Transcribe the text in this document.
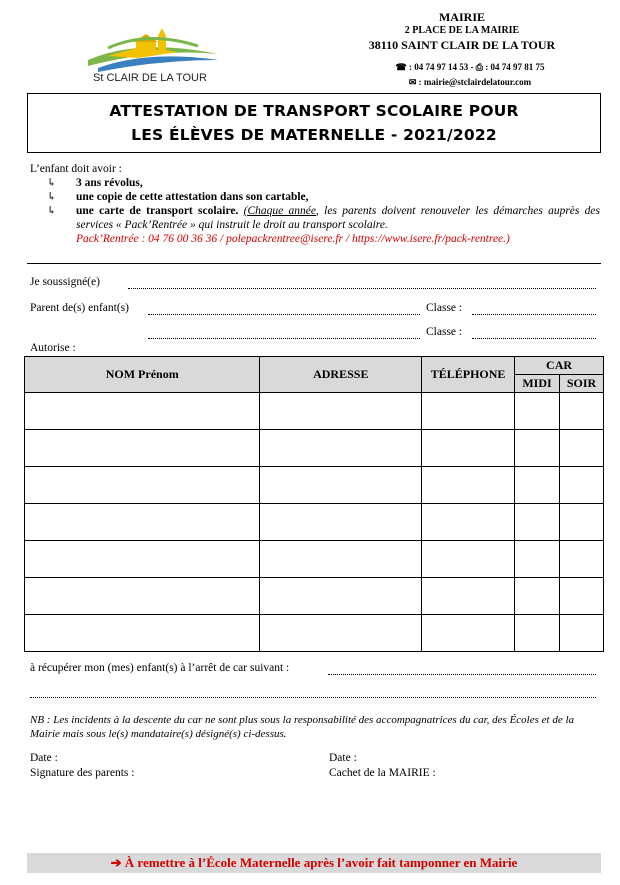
St CLAIR DE LA TOUR
MAIRIE
2 PLACE DE LA MAIRIE
38110 SAINT CLAIR DE LA TOUR
☎ : 04 74 97 14 53 - ⎙ : 04 74 97 81 75
✉ : mairie@stclairdelatour.com
ATTESTATION DE TRANSPORT SCOLAIRE POUR
LES ÉLÈVES DE MATERNELLE - 2021/2022
L’enfant doit avoir :
↳ 3 ans révolus,
↳ une copie de cette attestation dans son cartable,
↳ une carte de transport scolaire. (Chaque année, les parents doivent renouveler les démarches auprès des services « Pack’Rentrée » qui instruit le droit au transport scolaire.
Pack’Rentrée : 04 76 00 36 36 / polepackrentree@isere.fr / https://www.isere.fr/pack-rentree.)
Je soussigné(e)
Parent de(s) enfant(s)	Classe :
Classe :
Autorise :
NOM Prénom	ADRESSE	TÉLÉPHONE	CAR	
			MIDI	SOIR

à récupérer mon (mes) enfant(s) à l’arrêt de car suivant :
NB : Les incidents à la descente du car ne sont plus sous la responsabilité des accompagnatrices du car, des Écoles et de la Mairie mais sous le(s) mandataire(s) désigné(s) ci-dessus.
Date :
Signature des parents :
Date :
Cachet de la MAIRIE :
➔ À remettre à l’École Maternelle après l’avoir fait tamponner en Mairie
